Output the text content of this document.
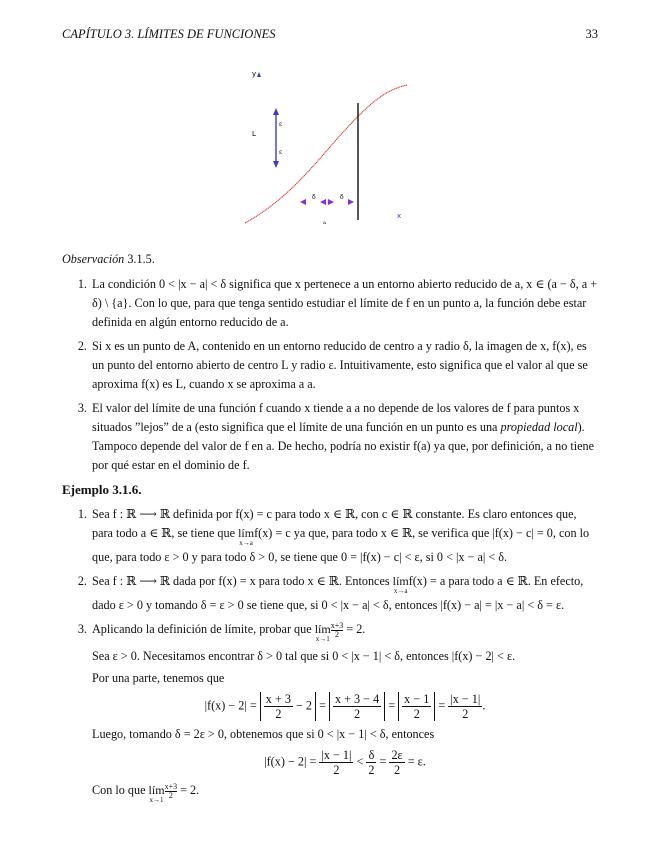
CAPÍTULO 3. LÍMITES DE FUNCIONES	33
y
L
ε
ε
δ	δ
a
x

Observación 3.1.5.

1. La condición 0 < |x − a| < δ significa que x pertenece a un entorno abierto reducido de a, x ∈ (a − δ, a + δ) \ {a}. Con lo que, para que tenga sentido estudiar el límite de f en un punto a, la función debe estar definida en algún entorno reducido de a.
2. Si x es un punto de A, contenido en un entorno reducido de centro a y radio δ, la imagen de x, f(x), es un punto del entorno abierto de centro L y radio ε. Intuitivamente, esto significa que el valor al que se aproxima f(x) es L, cuando x se aproxima a a.
3. El valor del límite de una función f cuando x tiende a a no depende de los valores de f para puntos x situados ”lejos” de a (esto significa que el límite de una función en un punto es una propiedad local). Tampoco depende del valor de f en a. De hecho, podría no existir f(a) ya que, por definición, a no tiene por qué estar en el dominio de f.

Ejemplo 3.1.6.

1. Sea f : ℝ ⟶ ℝ definida por f(x) = c para todo x ∈ ℝ, con c ∈ ℝ constante. Es claro entonces que, para todo a ∈ ℝ, se tiene que lím
x→a
f(x) = c ya que, para todo x ∈ ℝ, se verifica que |f(x) − c| = 0, con lo que, para todo ε > 0 y para todo δ > 0, se tiene que 0 = |f(x) − c| < ε, si 0 < |x − a| < δ.
2. Sea f : ℝ ⟶ ℝ dada por f(x) = x para todo x ∈ ℝ. Entonces lím
x→a
f(x) = a para todo a ∈ ℝ. En efecto, dado ε > 0 y tomando δ = ε > 0 se tiene que, si 0 < |x − a| < δ, entonces |f(x) − a| = |x − a| < δ = ε.
3. Aplicando la definición de límite, probar que lím
x→1
$\frac{x+3}{2} = 2$.

Sea ε > 0. Necesitamos encontrar δ > 0 tal que si 0 < |x − 1| < δ, entonces |f(x) − 2| < ε.

Por una parte, tenemos que

$|f(x) - 2| = \frac{x + 3}{2} - 2 = \frac{x + 3 - 4}{2} = \frac{x - 1}{2} = \frac{|x - 1|}{2}$ .

Luego, tomando δ = 2ε > 0, obtenemos que si 0 < |x − 1| < δ, entonces

$|f(x) - 2| = \frac{|x - 1|}{2} < \frac{\delta}{2} = \frac{2\varepsilon}{2} = \varepsilon$.

Con lo que lím
x→1
$\frac{x+3}{2} = 2$.
